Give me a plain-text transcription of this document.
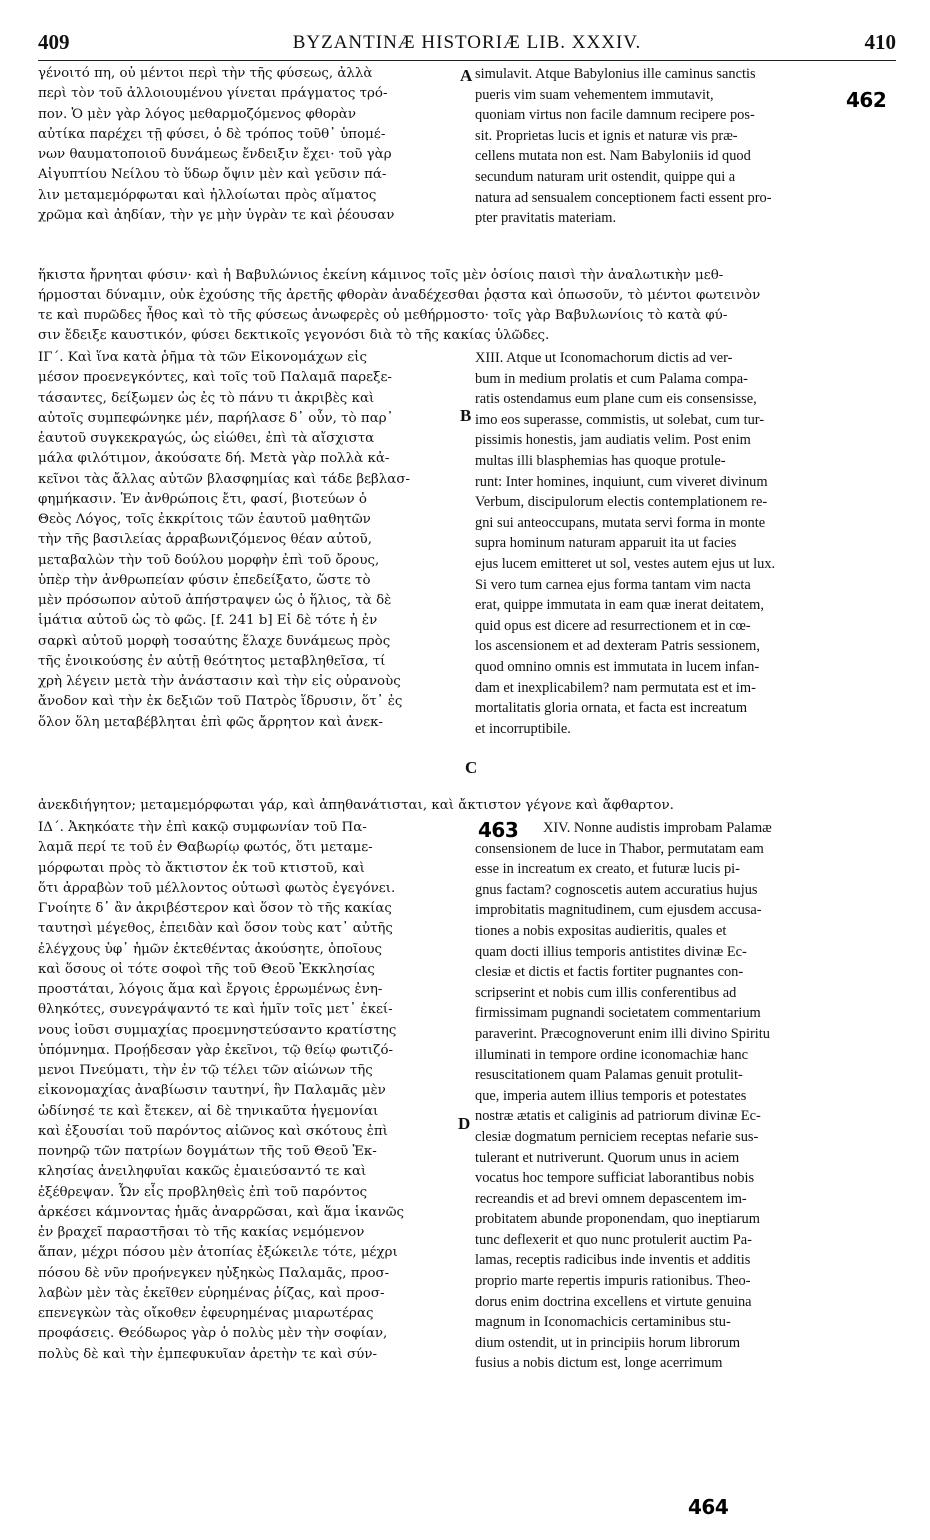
409	BYZANTINÆ HISTORIÆ LIB. XXXIV.	410
γένοιτό πη, οὐ μέντοι περὶ τὴν τῆς φύσεως, ἀλλὰ
περὶ τὸν τοῦ ἀλλοιουμένου γίνεται πράγματος τρό-
πον. Ὁ μὲν γὰρ λόγος μεθαρμοζόμενος φθορὰν
αὐτίκα παρέχει τῇ φύσει, ὁ δὲ τρόπος τοῦθ᾽ ὑπομέ-
νων θαυματοποιοῦ δυνάμεως ἔνδειξιν ἔχει· τοῦ γὰρ
Αἰγυπτίου Νείλου τὸ ὕδωρ ὄψιν μὲν καὶ γεῦσιν πά-
λιν μεταμεμόρφωται καὶ ἠλλοίωται πρὸς αἵματος
χρῶμα καὶ ἀηδίαν, τὴν γε μὴν ὑγρὰν τε καὶ ῥέουσαν
simulavit. Atque Babylonius ille caminus sanctis
pueris vim suam vehementem immutavit,
quoniam virtus non facile damnum recipere pos-
sit. Proprietas lucis et ignis et naturæ vis præ-
cellens mutata non est. Nam Babyloniis id quod
secundum naturam urit ostendit, quippe qui a
natura ad sensualem conceptionem facti essent pro-
pter pravitatis materiam.
ἥκιστα ἤρνηται φύσιν· καὶ ἡ Βαβυλώνιος ἐκείνη κάμινος τοῖς μὲν ὁσίοις παισὶ τὴν ἀναλωτικὴν μεθ-
ήρμοσται δύναμιν, οὐκ ἐχούσης τῆς ἀρετῆς φθορὰν ἀναδέχεσθαι ῥᾳστα καὶ ὁπωσοῦν, τὸ μέντοι φωτεινὸν
τε καὶ πυρῶδες ἦθος καὶ τὸ τῆς φύσεως ἀνωφερὲς οὐ μεθήρμοστο· τοῖς γὰρ Βαβυλωνίοις τὸ κατὰ φύ-
σιν ἔδειξε καυστικόν, φύσει δεκτικοῖς γεγονόσι διὰ τὸ τῆς κακίας ὑλῶδες.
ΙΓ΄. Καὶ ἵνα κατὰ ῥῆμα τὰ τῶν Εἰκονομάχων εἰς
μέσον προενεγκόντες, καὶ τοῖς τοῦ Παλαμᾶ παρεξε-
τάσαντες, δείξωμεν ὡς ἐς τὸ πάνυ τι ἀκριβὲς καὶ
αὐτοῖς συμπεφώνηκε μέν, παρήλασε δ᾽ οὖν, τὸ παρ᾽
ἑαυτοῦ συγκεκραγώς, ὡς εἰώθει, ἐπὶ τὰ αἴσχιστα
μάλα φιλότιμον, ἀκούσατε δή. Μετὰ γὰρ πολλὰ κἀ-
κεῖνοι τὰς ἄλλας αὐτῶν βλασφημίας καὶ τάδε βεβλασ-
φημήκασιν. Ἐν ἀνθρώποις ἔτι, φασί, βιοτεύων ὁ
Θεὸς Λόγος, τοῖς ἐκκρίτοις τῶν ἑαυτοῦ μαθητῶν
τὴν τῆς βασιλείας ἀρραβωνιζόμενος θέαν αὐτοῦ,
μεταβαλὼν τὴν τοῦ δούλου μορφὴν ἐπὶ τοῦ ὄρους,
ὑπὲρ τὴν ἀνθρωπείαν φύσιν ἐπεδείξατο, ὥστε τὸ
μὲν πρόσωπον αὐτοῦ ἀπήστραψεν ὡς ὁ ἥλιος, τὰ δὲ
ἱμάτια αὐτοῦ ὡς τὸ φῶς. [f. 241 b] Εἰ δὲ τότε ἡ ἐν
σαρκὶ αὐτοῦ μορφὴ τοσαύτης ἔλαχε δυνάμεως πρὸς
τῆς ἐνοικούσης ἐν αὐτῇ θεότητος μεταβληθεῖσα, τί
χρὴ λέγειν μετὰ τὴν ἀνάστασιν καὶ τὴν εἰς οὐρανοὺς
ἄνοδον καὶ τὴν ἐκ δεξιῶν τοῦ Πατρὸς ἵδρυσιν, ὅτ᾽ ἐς
ὅλον ὅλη μεταβέβληται ἐπὶ φῶς ἄρρητον καὶ ἀνεκ-
XIII. Atque ut Iconomachorum dictis ad ver-
bum in medium prolatis et cum Palama compa-
ratis ostendamus eum plane cum eis consensisse,
imo eos superasse, commistis, ut solebat, cum tur-
pissimis honestis, jam audiatis velim. Post enim
multas illi blasphemias has quoque protule-
runt: Inter homines, inquiunt, cum viveret divinum
Verbum, discipulorum electis contemplationem re-
gni sui anteoccupans, mutata servi forma in monte
supra hominum naturam apparuit ita ut facies
ejus lucem emitteret ut sol, vestes autem ejus ut lux.
Si vero tum carnea ejus forma tantam vim nacta
erat, quippe immutata in eam quæ inerat deitatem,
quid opus est dicere ad resurrectionem et in cœ-
los ascensionem et ad dexteram Patris sessionem,
quod omnino omnis est immutata in lucem infan-
dam et inexplicabilem? nam permutata est et im-
mortalitatis gloria ornata, et facta est increatum
et incorruptibile.
ἀνεκδιήγητον; μεταμεμόρφωται γάρ, καὶ ἀπηθανάτισται, καὶ ἄκτιστον γέγονε καὶ ἄφθαρτον.
ΙΔ΄. Ἀκηκόατε τὴν ἐπὶ κακῷ συμφωνίαν τοῦ Πα-
λαμᾶ περί τε τοῦ ἐν Θαβωρίῳ φωτός, ὅτι μεταμε-
μόρφωται πρὸς τὸ ἄκτιστον ἐκ τοῦ κτιστοῦ, καὶ
ὅτι ἀρραβὼν τοῦ μέλλοντος οὑτωσὶ φωτὸς ἐγεγόνει.
Γνοίητε δ᾽ ἂν ἀκριβέστερον καὶ ὅσον τὸ τῆς κακίας
ταυτησὶ μέγεθος, ἐπειδὰν καὶ ὅσον τοὺς κατ᾽ αὐτῆς
ἐλέγχους ὑφ᾽ ἡμῶν ἐκτεθέντας ἀκούσητε, ὁποῖους
καὶ ὅσους οἱ τότε σοφοὶ τῆς τοῦ Θεοῦ Ἐκκλησίας
προστάται, λόγοις ἅμα καὶ ἔργοις ἐρρωμένως ἐνη-
θληκότες, συνεγράψαντό τε καὶ ἡμῖν τοῖς μετ᾽ ἐκεί-
νους ἰοῦσι συμμαχίας προεμνηστεύσαντο κρατίστης
ὑπόμνημα. Προῄδεσαν γὰρ ἐκεῖνοι, τῷ θείῳ φωτιζό-
μενοι Πνεύματι, τὴν ἐν τῷ τέλει τῶν αἰώνων τῆς
εἰκονομαχίας ἀναβίωσιν ταυτηνί, ἣν Παλαμᾶς μὲν
ὠδίνησέ τε καὶ ἔτεκεν, αἱ δὲ τηνικαῦτα ἡγεμονίαι
καὶ ἐξουσίαι τοῦ παρόντος αἰῶνος καὶ σκότους ἐπὶ
πονηρῷ τῶν πατρίων δογμάτων τῆς τοῦ Θεοῦ Ἐκ-
κλησίας ἀνειληφυῖαι κακῶς ἐμαιεύσαντό τε καὶ
ἐξέθρεψαν. Ὧν εἷς προβληθεὶς ἐπὶ τοῦ παρόντος
ἀρκέσει κάμνοντας ἡμᾶς ἀναρρῶσαι, καὶ ἅμα ἱκανῶς
ἐν βραχεῖ παραστῆσαι τὸ τῆς κακίας νεμόμενον
ἅπαν, μέχρι πόσου μὲν ἀτοπίας ἐξώκειλε τότε, μέχρι
πόσου δὲ νῦν προήνεγκεν ηὐξηκὼς Παλαμᾶς, προσ-
λαβὼν μὲν τὰς ἐκεῖθεν εὑρημένας ῥίζας, καὶ προσ-
επενεγκὼν τὰς οἴκοθεν ἐφευρημένας μιαρωτέρας
προφάσεις. Θεόδωρος γὰρ ὁ πολὺς μὲν τὴν σοφίαν,
πολὺς δὲ καὶ τὴν ἐμπεφυκυῖαν ἀρετὴν τε καὶ σύν-
XIV. Nonne audistis improbam Palamæ
consensionem de luce in Thabor, permutatam eam
esse in increatum ex creato, et futuræ lucis pi-
gnus factam? cognoscetis autem accuratius hujus
improbitatis magnitudinem, cum ejusdem accusa-
tiones a nobis expositas audieritis, quales et
quam docti illius temporis antistites divinæ Ec-
clesiæ et dictis et factis fortiter pugnantes con-
scripserint et nobis cum illis conferentibus ad
firmissimam pugnandi societatem commentarium
paraverint. Præcognoverunt enim illi divino Spiritu
illuminati in tempore ordine iconomachiæ hanc
resuscitationem quam Palamas genuit protulit-
que, imperia autem illius temporis et potestates
nostræ ætatis et caliginis ad patriorum divinæ Ec-
clesiæ dogmatum perniciem receptas nefarie sus-
tulerant et nutriverunt. Quorum unus in aciem
vocatus hoc tempore sufficiat laborantibus nobis
recreandis et ad brevi omnem depascentem im-
probitatem abunde proponendam, quo ineptiarum
tunc deflexerit et quo nunc protulerit auctim Pa-
lamas, receptis radicibus inde inventis et additis
proprio marte repertis impuris rationibus. Theo-
dorus enim doctrina excellens et virtute genuina
magnum in Iconomachicis certaminibus stu-
dium ostendit, ut in principiis horum librorum
fusius a nobis dictum est, longe acerrimum
A
B
C
D
462
463
464
